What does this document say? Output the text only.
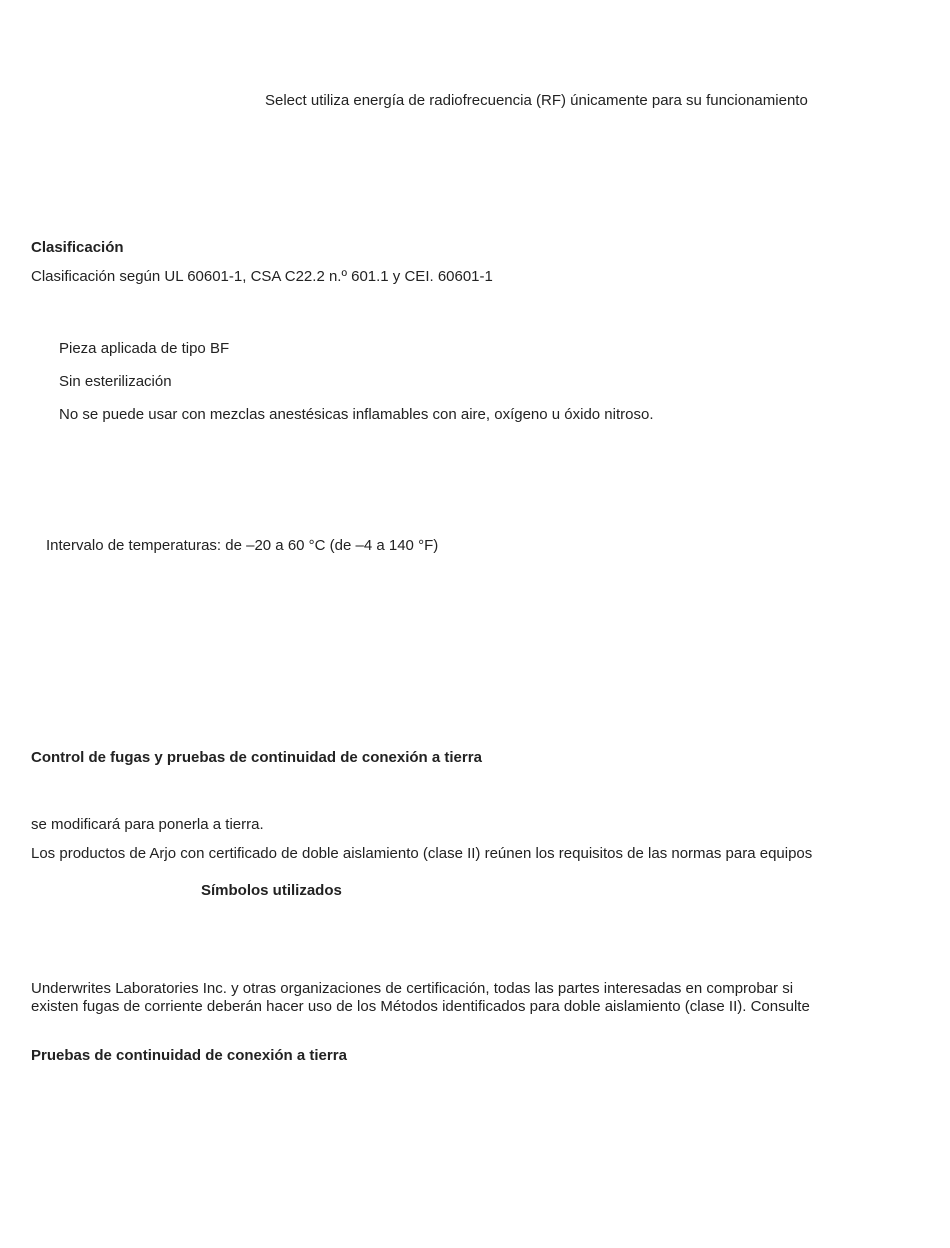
Select utiliza energía de radiofrecuencia (RF) únicamente para su funcionamiento
Clasificación
Clasificación según UL 60601-1, CSA C22.2 n.º 601.1 y CEI. 60601-1
Pieza aplicada de tipo BF
Sin esterilización
No se puede usar con mezclas anestésicas inflamables con aire, oxígeno u óxido nitroso.
Intervalo de temperaturas: de –20 a 60 °C (de –4 a 140 °F)
Control de fugas y pruebas de continuidad de conexión a tierra
se modificará para ponerla a tierra.
Los productos de Arjo con certificado de doble aislamiento (clase II) reúnen los requisitos de las normas para equipos
Símbolos utilizados
Underwrites Laboratories Inc. y otras organizaciones de certificación, todas las partes interesadas en comprobar si
existen fugas de corriente deberán hacer uso de los Métodos identificados para doble aislamiento (clase II). Consulte
Pruebas de continuidad de conexión a tierra
